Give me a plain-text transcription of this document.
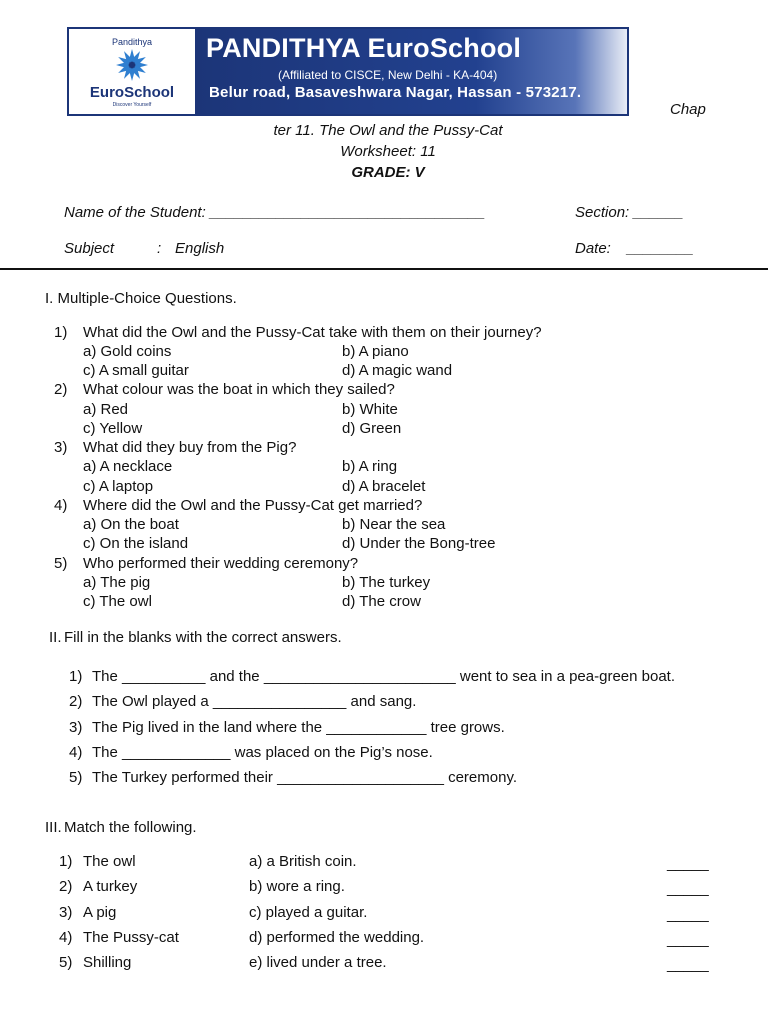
Pandithya
EuroSchool
Discover Yourself
PANDITHYA EuroSchool
(Affiliated to CISCE, New Delhi - KA-404)
Belur road, Basaveshwara Nagar, Hassan - 573217.
Chap
ter 11. The Owl and the Pussy-Cat
Worksheet: 11
GRADE: V
Name of the Student: _________________________________	Section: ______
Subject	: English	Date: ________
I. Multiple-Choice Questions.
1) What did the Owl and the Pussy-Cat take with them on their journey?
a) Gold coins	b) A piano
c) A small guitar	d) A magic wand
2) What colour was the boat in which they sailed?
a) Red	b) White
c) Yellow	d) Green
3) What did they buy from the Pig?
a) A necklace	b) A ring
c) A laptop	d) A bracelet
4) Where did the Owl and the Pussy-Cat get married?
a) On the boat	b) Near the sea
c) On the island	d) Under the Bong-tree
5) Who performed their wedding ceremony?
a) The pig	b) The turkey
c) The owl	d) The crow
II. Fill in the blanks with the correct answers.
1) The __________ and the _______________________ went to sea in a pea-green boat.
2) The Owl played a ________________ and sang.
3) The Pig lived in the land where the ____________ tree grows.
4) The _____________ was placed on the Pig’s nose.
5) The Turkey performed their ____________________ ceremony.
III. Match the following.
1) The owl	a) a British coin.	_____
2) A turkey	b) wore a ring.	_____
3) A pig	c) played a guitar.	_____
4) The Pussy-cat	d) performed the wedding.	_____
5) Shilling	e) lived under a tree.	_____
